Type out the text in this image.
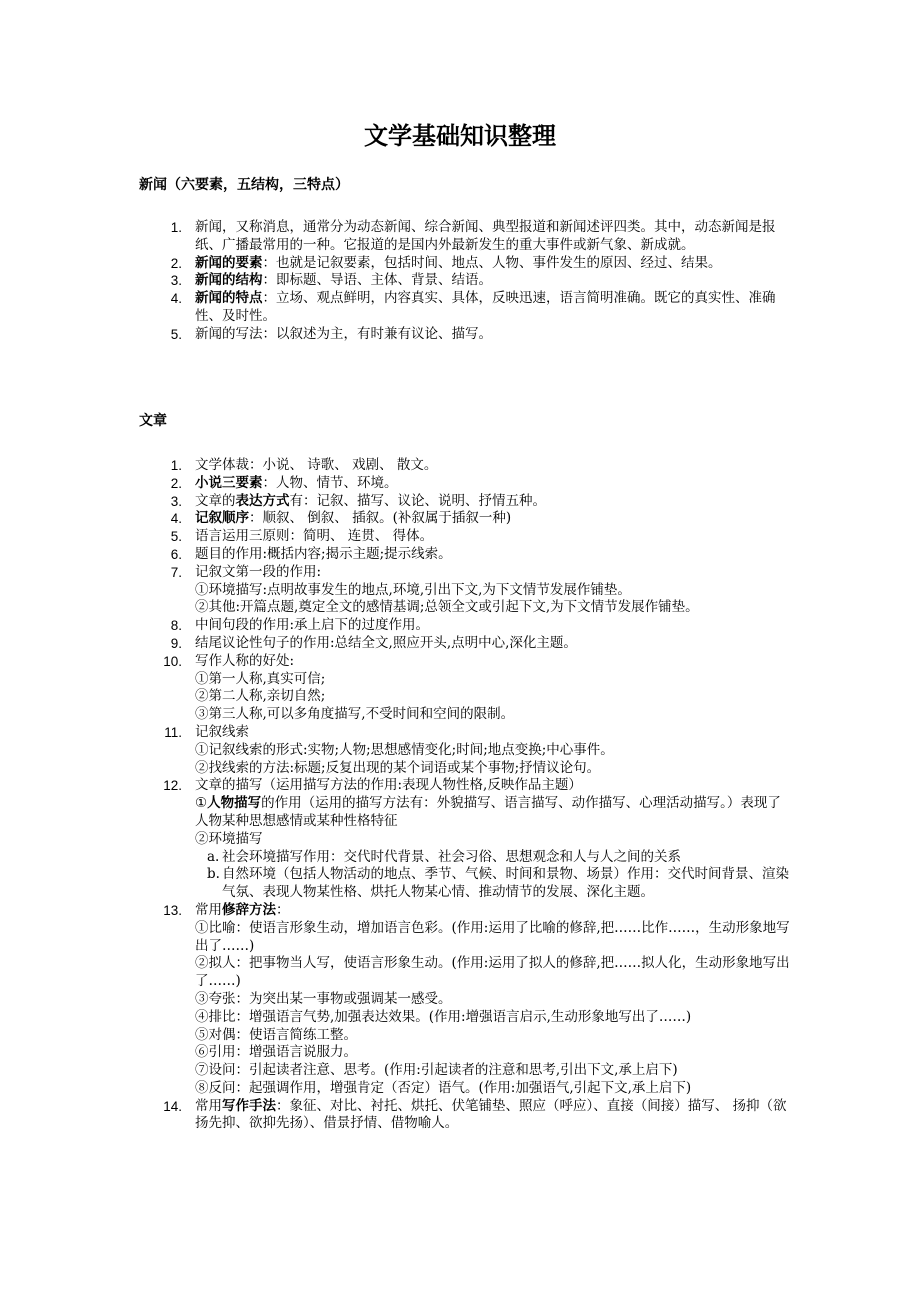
文学基础知识整理

新闻（六要素，五结构，三特点）

1. 新闻，又称消息，通常分为动态新闻、综合新闻、典型报道和新闻述评四类。其中，动态新闻是报纸、广播最常用的一种。它报道的是国内外最新发生的重大事件或新气象、新成就。
2. 新闻的要素：也就是记叙要素，包括时间、地点、人物、事件发生的原因、经过、结果。
3. 新闻的结构：即标题、导语、主体、背景、结语。
4. 新闻的特点：立场、观点鲜明，内容真实、具体，反映迅速，语言简明准确。既它的真实性、准确性、及时性。
5. 新闻的写法：以叙述为主，有时兼有议论、描写。

文章

1. 文学体裁：小说、 诗歌、 戏剧、 散文。
2. 小说三要素：人物、情节、环境。
3. 文章的表达方式有：记叙、描写、议论、说明、抒情五种。
4. 记叙顺序：顺叙、 倒叙、 插叙。(补叙属于插叙一种)
5. 语言运用三原则：简明、 连贯、 得体。
6. 题目的作用:概括内容;揭示主题;提示线索。
7. 记叙文第一段的作用:
①环境描写:点明故事发生的地点,环境,引出下文,为下文情节发展作铺垫。
②其他:开篇点题,奠定全文的感情基调;总领全文或引起下文,为下文情节发展作铺垫。
8. 中间句段的作用:承上启下的过度作用。
9. 结尾议论性句子的作用:总结全文,照应开头,点明中心,深化主题。
10. 写作人称的好处:
①第一人称,真实可信;
②第二人称,亲切自然;
③第三人称,可以多角度描写,不受时间和空间的限制。
11. 记叙线索
①记叙线索的形式:实物;人物;思想感情变化;时间;地点变换;中心事件。
②找线索的方法:标题;反复出现的某个词语或某个事物;抒情议论句。
12. 文章的描写（运用描写方法的作用:表现人物性格,反映作品主题）
①人物描写的作用（运用的描写方法有：外貌描写、语言描写、动作描写、心理活动描写。）表现了人物某种思想感情或某种性格特征
②环境描写
a. 社会环境描写作用：交代时代背景、社会习俗、思想观念和人与人之间的关系
b. 自然环境（包括人物活动的地点、季节、气候、时间和景物、场景）作用：交代时间背景、渲染气氛、表现人物某性格、烘托人物某心情、推动情节的发展、深化主题。
13. 常用修辞方法：
①比喻：使语言形象生动，增加语言色彩。(作用:运用了比喻的修辞,把……比作……，生动形象地写出了……)
②拟人：把事物当人写，使语言形象生动。(作用:运用了拟人的修辞,把……拟人化，生动形象地写出了……)
③夸张：为突出某一事物或强调某一感受。
④排比：增强语言气势,加强表达效果。(作用:增强语言启示,生动形象地写出了……)
⑤对偶：使语言简练工整。
⑥引用：增强语言说服力。
⑦设问：引起读者注意、思考。(作用:引起读者的注意和思考,引出下文,承上启下)
⑧反问：起强调作用，增强肯定（否定）语气。(作用:加强语气,引起下文,承上启下)
14. 常用写作手法：象征、对比、衬托、烘托、伏笔铺垫、照应（呼应）、直接（间接）描写、 扬抑（欲扬先抑、欲抑先扬）、借景抒情、借物喻人。
